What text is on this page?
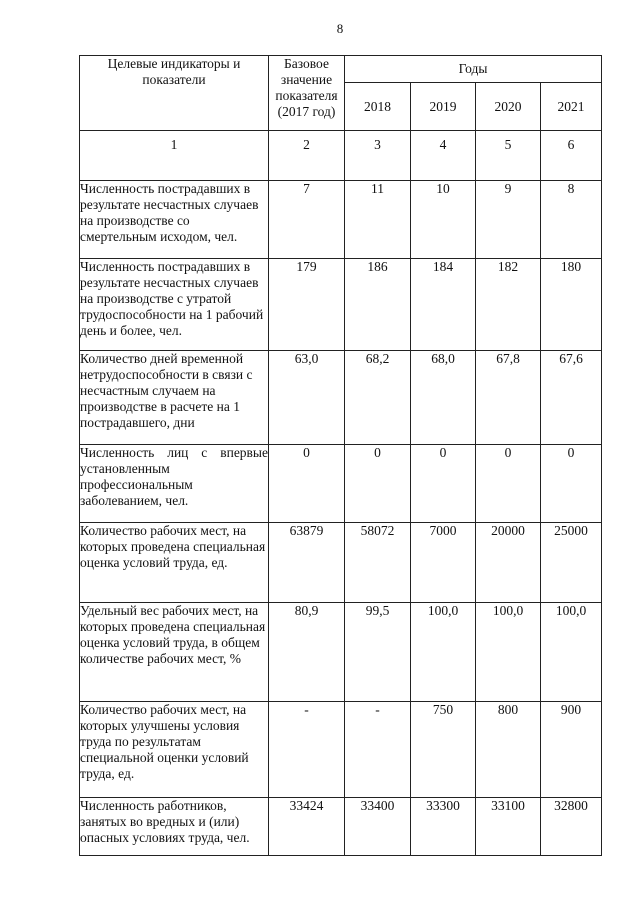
8
Целевые индикаторы и показатели	Базовое значение показателя (2017 год)	Годы			
		2018	2019	2020	2021
1	2	3	4	5	6
Численность пострадавших в результате несчастных случаев на производстве со смертельным исходом, чел.	7	11	10	9	8
Численность пострадавших в результате несчастных случаев на производстве с утратой трудоспособности на 1 рабочий день и более, чел.	179	186	184	182	180
Количество дней временной нетрудоспособности в связи с несчастным случаем на производстве в расчете на 1 пострадавшего, дни	63,0	68,2	68,0	67,8	67,6
Численность лиц с впервые установленным профессиональным заболеванием, чел.	0	0	0	0	0
Количество рабочих мест, на которых проведена специальная оценка условий труда, ед.	63879	58072	7000	20000	25000
Удельный вес рабочих мест, на которых проведена специальная оценка условий труда, в общем количестве рабочих мест, %	80,9	99,5	100,0	100,0	100,0
Количество рабочих мест, на которых улучшены условия труда по результатам специальной оценки условий труда, ед.	-	-	750	800	900
Численность работников, занятых во вредных и (или) опасных условиях труда, чел.	33424	33400	33300	33100	32800
